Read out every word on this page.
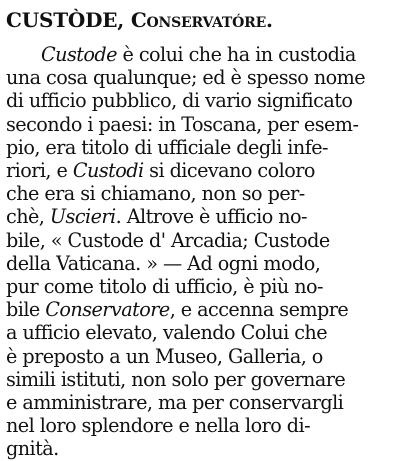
CUSTÒDE, Conservatóre.
Custode è colui che ha in custodia
una cosa qualunque; ed è spesso nome
di ufficio pubblico, di vario significato
secondo i paesi: in Toscana, per esem-
pio, era titolo di ufficiale degli infe-
riori, e Custodi si dicevano coloro
che era si chiamano, non so per-
chè, Uscieri. Altrove è ufficio no-
bile, « Custode d' Arcadia; Custode
della Vaticana. » — Ad ogni modo,
pur come titolo di ufficio, è più no-
bile Conservatore, e accenna sempre
a ufficio elevato, valendo Colui che
è preposto a un Museo, Galleria, o
simili istituti, non solo per governare
e amministrare, ma per conservargli
nel loro splendore e nella loro di-
gnità.
